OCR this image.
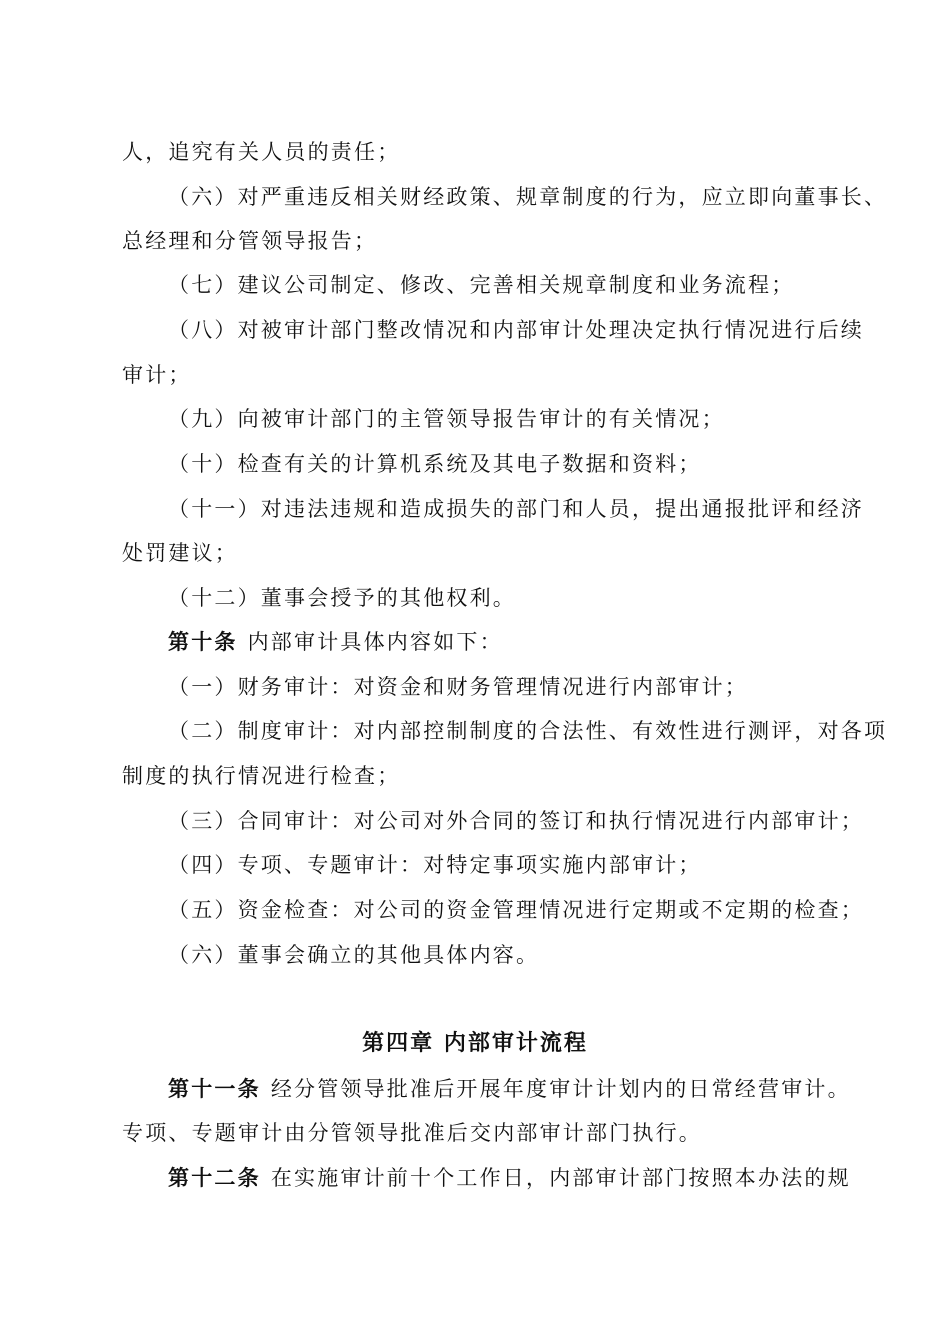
人，追究有关人员的责任；
（六）对严重违反相关财经政策、规章制度的行为，应立即向董事长、
总经理和分管领导报告；
（七）建议公司制定、修改、完善相关规章制度和业务流程；
（八）对被审计部门整改情况和内部审计处理决定执行情况进行后续
审计；
（九）向被审计部门的主管领导报告审计的有关情况；
（十）检查有关的计算机系统及其电子数据和资料；
（十一）对违法违规和造成损失的部门和人员，提出通报批评和经济
处罚建议；
（十二）董事会授予的其他权利。
第十条 内部审计具体内容如下：
（一）财务审计：对资金和财务管理情况进行内部审计；
（二）制度审计：对内部控制制度的合法性、有效性进行测评，对各项
制度的执行情况进行检查；
（三）合同审计：对公司对外合同的签订和执行情况进行内部审计；
（四）专项、专题审计：对特定事项实施内部审计；
（五）资金检查：对公司的资金管理情况进行定期或不定期的检查；
（六）董事会确立的其他具体内容。
第四章 内部审计流程
第十一条 经分管领导批准后开展年度审计计划内的日常经营审计。
专项、专题审计由分管领导批准后交内部审计部门执行。
第十二条 在实施审计前十个工作日，内部审计部门按照本办法的规
